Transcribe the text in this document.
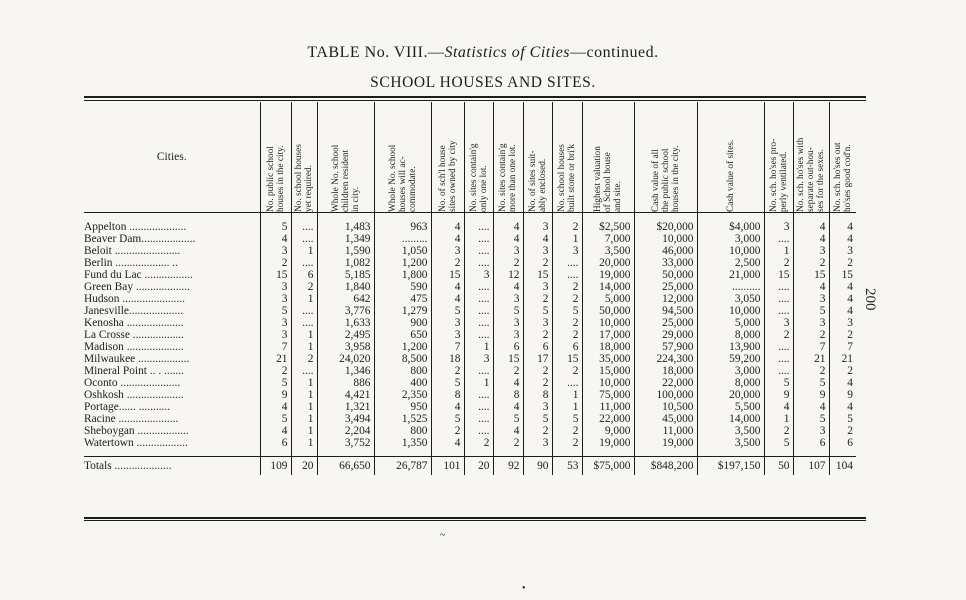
TABLE No. VIII.—Statistics of Cities—continued.
SCHOOL HOUSES AND SITES.
200
Cities.	No. public school
houses in the city.	No. school houses
yet required.	Whole No. school
children resident
in city.	Whole No. school
houses will ac-
commodate.	No. of sch'l house
sites owned by city	No. sites contain'g
only one lot.	No. sites contain'g
more than one lot.	No. of sites suit-
ably enclosed.	No. school houses
built stone or bri'k	Highest valuation
of School house
and site.	Cash value of all
the public school
houses in the city.	Cash value of sites.	No. sch. ho'ses pro-
perly ventilated.	No. sch. ho'ses with
separate out-hou-
ses for the sexes.	No. sch. ho'ses out
ho'ses good cod'n.

Appelton ....................	5	....	1,483	963	4	....	4	3	2	$2,500	$20,000	$4,000	3	4	4
Beaver Dam...................	4	....	1,349	.........	4	....	4	4	1	7,000	10,000	3,000	....	4	4
Beloit .......................	3	1	1,590	1,050	3	....	3	3	3	3,500	46,000	10,000	1	3	3
Berlin ................... ..	2	....	1,082	1,200	2	....	2	2	....	20,000	33,000	2,500	2	2	2
Fund du Lac .................	15	6	5,185	1,800	15	3	12	15	....	19,000	50,000	21,000	15	15	15
Green Bay ...................	3	2	1,840	590	4	....	4	3	2	14,000	25,000	..........	....	4	4
Hudson ......................	3	1	642	475	4	....	3	2	2	5,000	12,000	3,050	....	3	4
Janesville...................	5	....	3,776	1,279	5	....	5	5	5	50,000	94,500	10,000	....	5	4
Kenosha ....................	3	....	1,633	900	3	....	3	3	2	10,000	25,000	5,000	3	3	3
La Crosse ..................	3	1	2,495	650	3	....	3	2	2	17,000	29,000	8,000	2	2	2
Madison ....................	7	1	3,958	1,200	7	1	6	6	6	18,000	57,900	13,900	....	7	7
Milwaukee ..................	21	2	24,020	8,500	18	3	15	17	15	35,000	224,300	59,200	....	21	21
Mineral Point .. . .......	2	....	1,346	800	2	....	2	2	2	15,000	18,000	3,000	....	2	2
Oconto .....................	5	1	886	400	5	1	4	2	....	10,000	22,000	8,000	5	5	4
Oshkosh ....................	9	1	4,421	2,350	8	....	8	8	1	75,000	100,000	20,000	9	9	9
Portage...... ...........	4	1	1,321	950	4	....	4	3	1	11,000	10,500	5,500	4	4	4
Racine .....................	5	1	3,494	1,525	5	....	5	5	5	22,000	45,000	14,000	1	5	5
Sheboygan ..................	4	1	2,204	800	2	....	4	2	2	9,000	11,000	3,500	2	3	2
Watertown ..................	6	1	3,752	1,350	4	2	2	3	2	19,000	19,000	3,500	5	6	6

Totals ....................	109	20	66,650	26,787	101	20	92	90	53	$75,000	$848,200	$197,150	50	107	104
~
•
